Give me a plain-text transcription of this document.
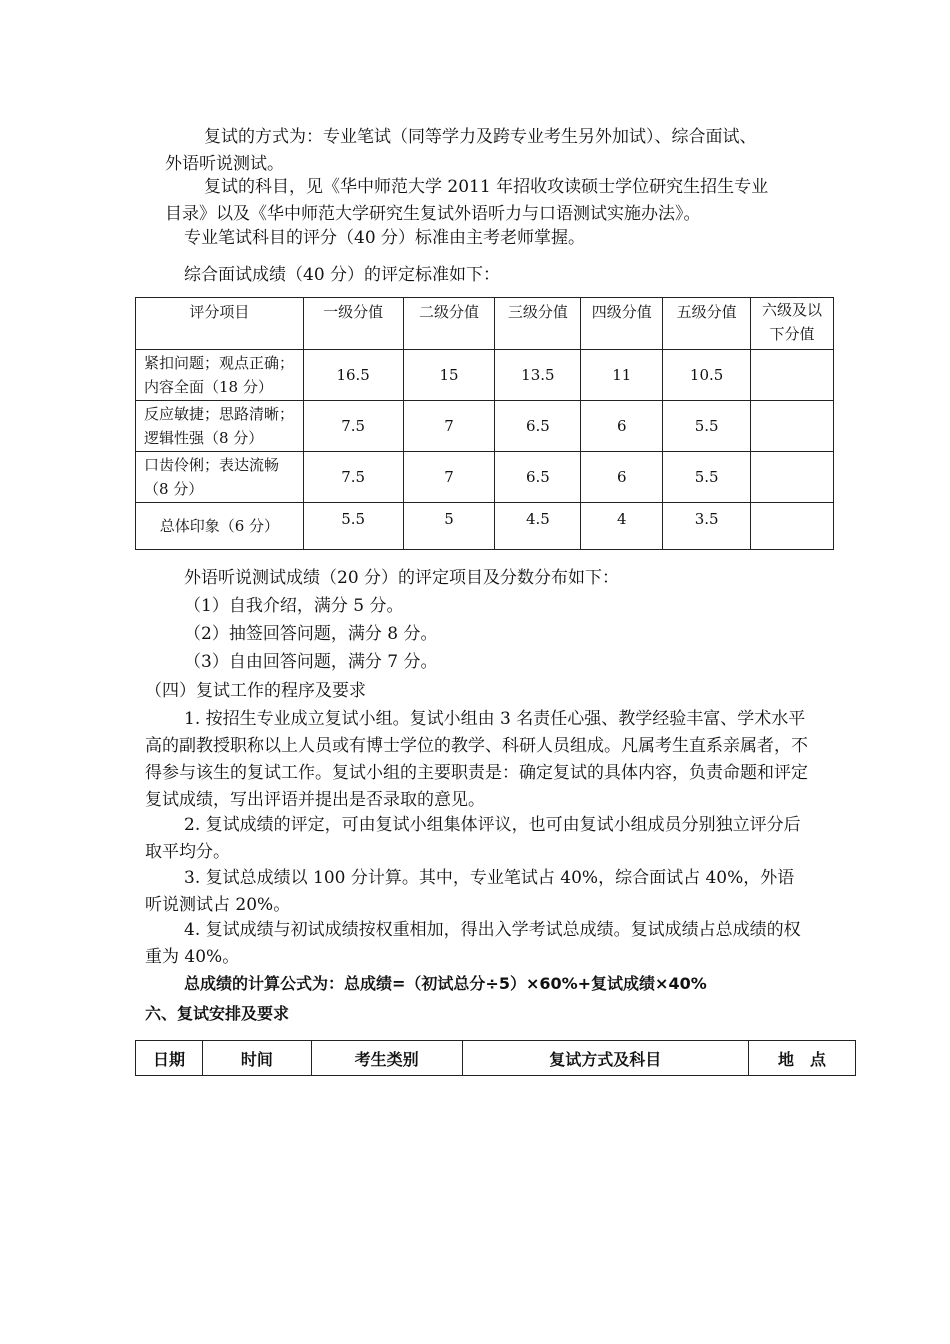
复试的方式为：专业笔试（同等学力及跨专业考生另外加试）、综合面试、

外语听说测试。

复试的科目，见《华中师范大学 2011 年招收攻读硕士学位研究生招生专业

目录》以及《华中师范大学研究生复试外语听力与口语测试实施办法》。

专业笔试科目的评分（40 分）标准由主考老师掌握。

综合面试成绩（40 分）的评定标准如下：

评分项目	一级分值	二级分值	三级分值	四级分值	五级分值	六级及以下分值
紧扣问题；观点正确；内容全面（18 分）	16.5	15	13.5	11	10.5	
反应敏捷；思路清晰；逻辑性强（8 分）	7.5	7	6.5	6	5.5	
口齿伶俐；表达流畅（8 分）	7.5	7	6.5	6	5.5	
总体印象（6 分）	5.5	5	4.5	4	3.5	

外语听说测试成绩（20 分）的评定项目及分数分布如下：

（1）自我介绍，满分 5 分。

（2）抽签回答问题，满分 8 分。

（3）自由回答问题，满分 7 分。

（四）复试工作的程序及要求

1. 按招生专业成立复试小组。复试小组由 3 名责任心强、教学经验丰富、学术水平高的副教授职称以上人员或有博士学位的教学、科研人员组成。凡属考生直系亲属者，不得参与该生的复试工作。复试小组的主要职责是：确定复试的具体内容，负责命题和评定复试成绩，写出评语并提出是否录取的意见。

2. 复试成绩的评定，可由复试小组集体评议，也可由复试小组成员分别独立评分后取平均分。

3. 复试总成绩以 100 分计算。其中，专业笔试占 40%，综合面试占 40%，外语听说测试占 20%。

4. 复试成绩与初试成绩按权重相加，得出入学考试总成绩。复试成绩占总成绩的权重为 40%。

总成绩的计算公式为：总成绩=（初试总分÷5）×60%+复试成绩×40%

六、复试安排及要求

日期	时间	考生类别	复试方式及科目	地　点
